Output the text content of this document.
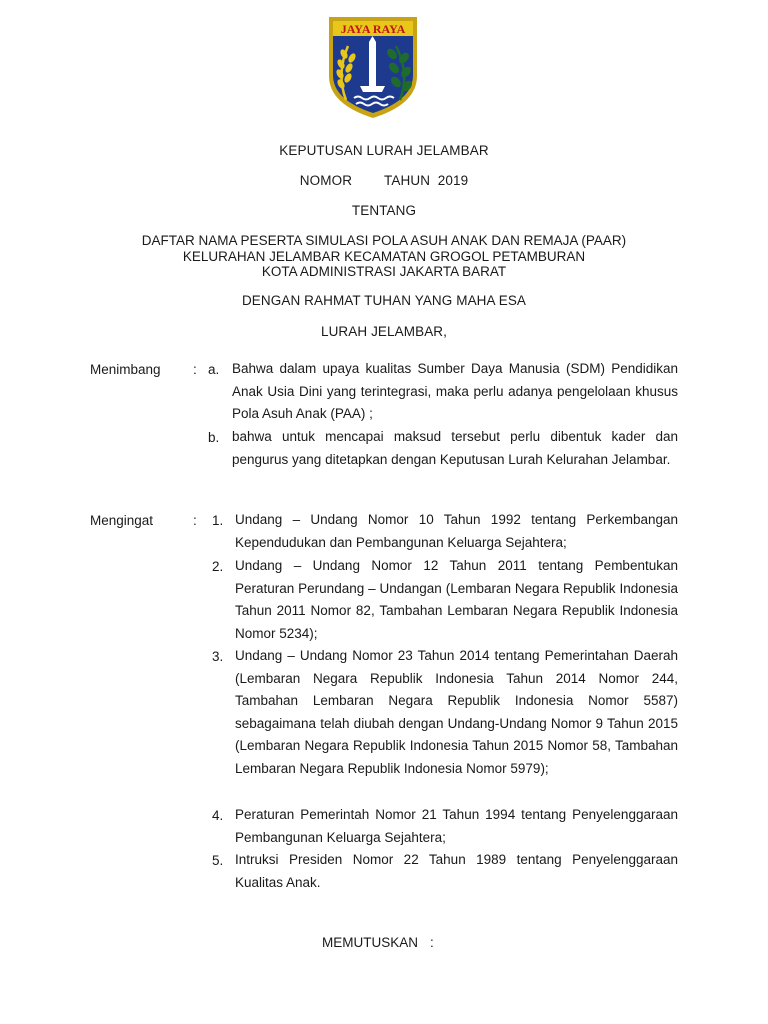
JAYA RAYA
KEPUTUSAN LURAH JELAMBAR
NOMOR TAHUN  2019
TENTANG
DAFTAR NAMA PESERTA SIMULASI POLA ASUH ANAK DAN REMAJA (PAAR)
KELURAHAN JELAMBAR KECAMATAN GROGOL PETAMBURAN
KOTA ADMINISTRASI JAKARTA BARAT
DENGAN RAHMAT TUHAN YANG MAHA ESA
LURAH JELAMBAR,
Menimbang : a. Bahwa dalam upaya kualitas Sumber Daya Manusia (SDM) Pendidikan Anak Usia Dini yang terintegrasi, maka perlu adanya pengelolaan khusus Pola Asuh Anak (PAA) ;
b. bahwa untuk mencapai maksud tersebut perlu dibentuk kader dan pengurus yang ditetapkan dengan Keputusan Lurah Kelurahan Jelambar.
Mengingat	: 1. Undang – Undang Nomor 10 Tahun 1992 tentang Perkembangan Kependudukan dan Pembangunan Keluarga Sejahtera;
2. Undang – Undang Nomor 12 Tahun 2011 tentang Pembentukan Peraturan Perundang – Undangan (Lembaran Negara Republik Indonesia Tahun 2011 Nomor 82, Tambahan Lembaran Negara Republik Indonesia Nomor 5234);
3. Undang – Undang Nomor 23 Tahun 2014 tentang Pemerintahan Daerah (Lembaran Negara Republik Indonesia Tahun 2014 Nomor 244, Tambahan Lembaran Negara Republik Indonesia Nomor 5587) sebagaimana telah diubah dengan Undang-Undang Nomor 9 Tahun 2015 (Lembaran Negara Republik Indonesia Tahun 2015 Nomor 58, Tambahan Lembaran Negara Republik Indonesia Nomor 5979);
4. Peraturan Pemerintah Nomor 21 Tahun 1994 tentang Penyelenggaraan Pembangunan Keluarga Sejahtera;
5. Intruksi Presiden Nomor 22 Tahun 1989 tentang Penyelenggaraan Kualitas Anak.
MEMUTUSKAN :
